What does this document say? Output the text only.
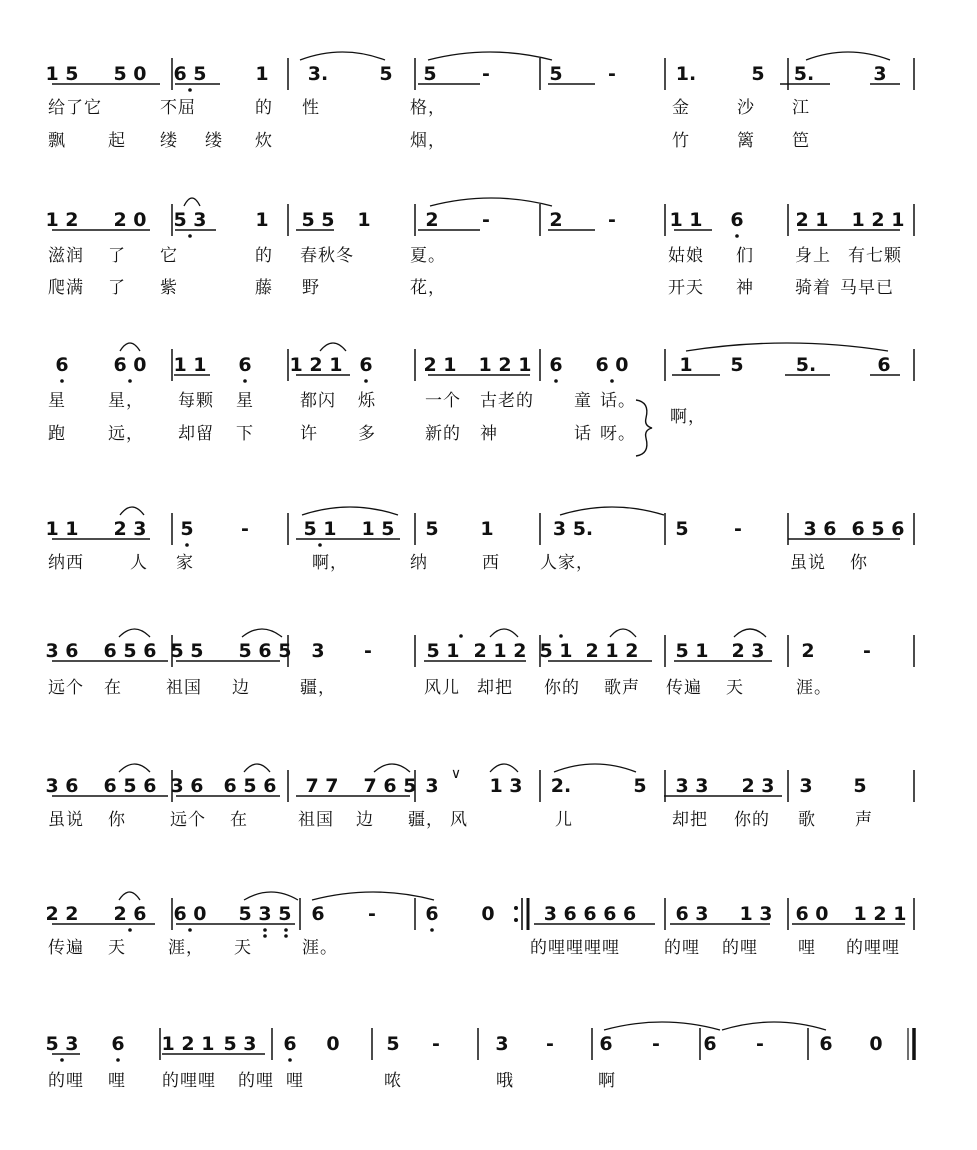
1 5 5 0 6 5	1 3.	5 5 -	5 -	1.	5 5.	3
1 2 2 0 5 3	1 5 5 1	2 -	2 -	1 1 6	2 1 1 2 1
6 6 0 1 1 6 1 2 1 6	2 1 1 2 1 6 6 0	1 5	5.	6
1 1 2 3 5 -	5 1 1 5 5 1	3 5.	5 -	3 6 6 5 6
3 6 6 5 6 5 5 5 6 5 3 -	5 1 2 1 2 5 1 2 1 2 5 1 2 3 2	-
3 6 6 5 6 3 6 6 5 6 7 7 7 6 5 3	1 3 2.	5 3 3 2 3 3 5
2 2 2 6 6 0 5 3 5 6 -	6 0	3 6 6 6 6 6 3 1 3 6 0 1 2 1
5 3 6 1 2 1 5 3 6 0 5 -	3 - 6 - 6 -	6 0
∨
给了它	不屈	的 性	格，	金	沙 江
飘 起 缕 缕 炊	烟，	竹	篱 笆
滋润 了 它	的 春秋冬	夏。	姑娘 们 身上 有七颗
爬满 了 紫	藤 野	花，	开天 神 骑着 马早已
星 星， 每颗 星	都闪 烁	一个 古老的 童 话。
跑 远， 却留 下	许 多	新的 神	话 呀。
啊，
纳西	人 家	啊，	纳	西 人家，	虽说 你
远个 在	祖国 边	疆，	风儿 却把 你的 歌声 传遍 天	涯。
虽说 你	远个 在	祖国 边 疆， 风	儿	却把 你的 歌 声
传遍 天 涯， 天	涯。	的哩哩哩哩	的哩 的哩 哩 的哩哩
的哩 哩 的哩哩 的哩 哩	哝	哦	啊
